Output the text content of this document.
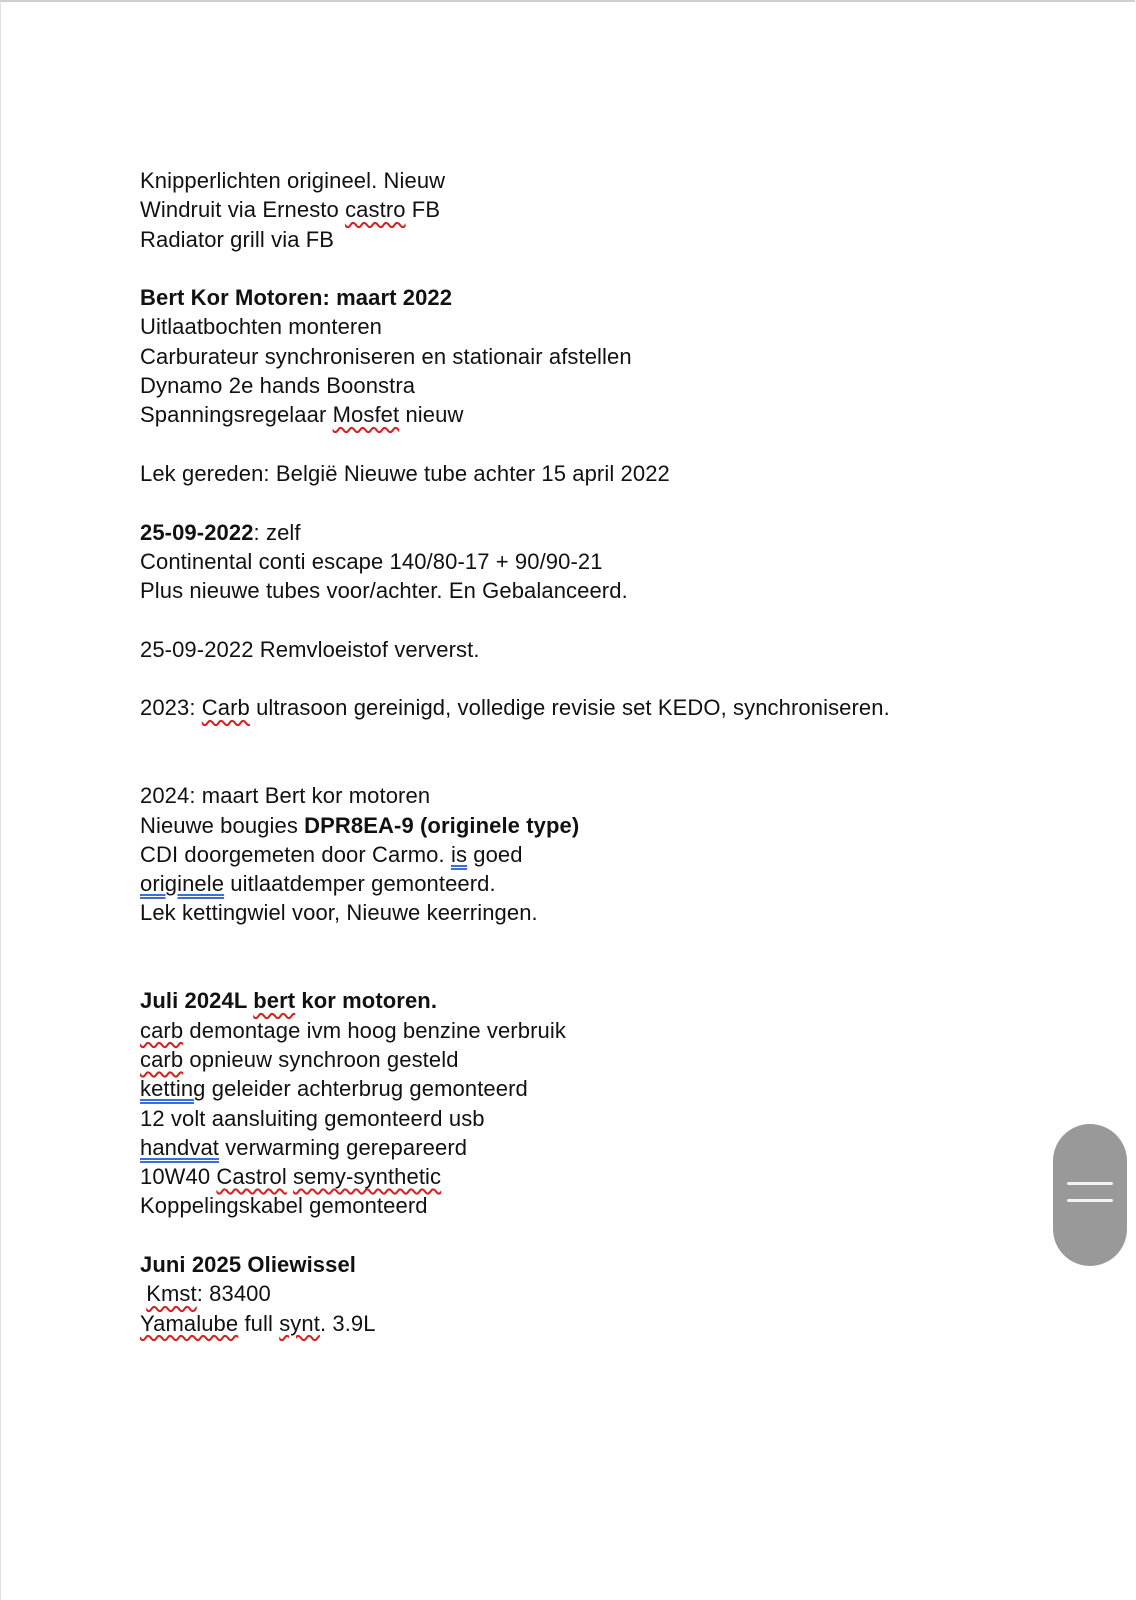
Knipperlichten origineel. Nieuw
Windruit via Ernesto castro FB
Radiator grill via FB
Bert Kor Motoren: maart 2022
Uitlaatbochten monteren
Carburateur synchroniseren en stationair afstellen
Dynamo 2e hands Boonstra
Spanningsregelaar Mosfet nieuw
Lek gereden: België Nieuwe tube achter 15 april 2022
25-09-2022: zelf
Continental conti escape 140/80-17 + 90/90-21
Plus nieuwe tubes voor/achter. En Gebalanceerd.
25-09-2022 Remvloeistof ververst.
2023: Carb ultrasoon gereinigd, volledige revisie set KEDO, synchroniseren.
2024: maart Bert kor motoren
Nieuwe bougies DPR8EA-9 (originele type)
CDI doorgemeten door Carmo. is goed
originele uitlaatdemper gemonteerd.
Lek kettingwiel voor, Nieuwe keerringen.
Juli 2024L bert kor motoren.
carb demontage ivm hoog benzine verbruik
carb opnieuw synchroon gesteld
ketting geleider achterbrug gemonteerd
12 volt aansluiting gemonteerd usb
handvat verwarming gerepareerd
10W40 Castrol semy-synthetic
Koppelingskabel gemonteerd
Juni 2025 Oliewissel
Kmst: 83400
Yamalube full synt. 3.9L
